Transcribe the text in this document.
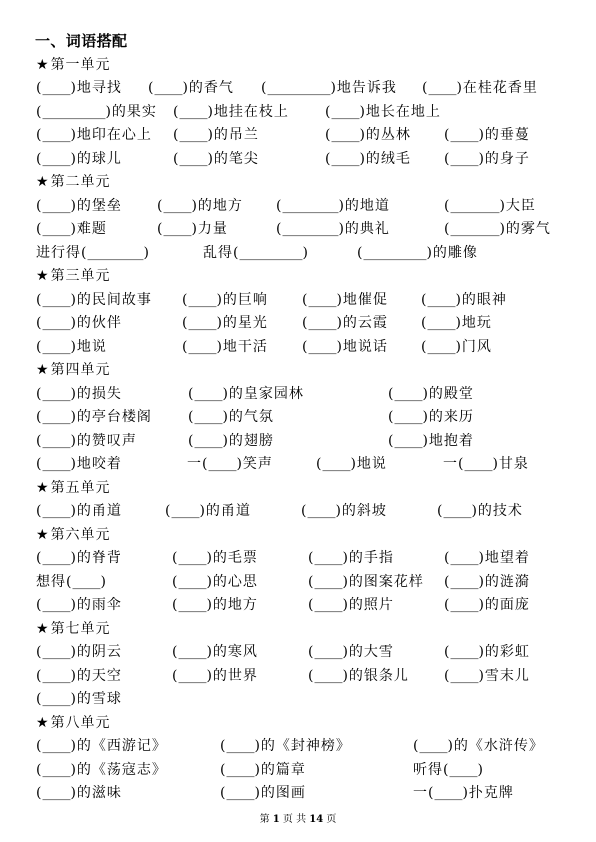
一、词语搭配
★第一单元
(____)地寻找 (____)的香气 (_________)地告诉我 (____)在桂花香里
(_________)的果实 (____)地挂在枝上	(____)地长在地上
(____)地印在心上 (____)的吊兰	(____)的丛林 (____)的垂蔓
(____)的球儿	(____)的笔尖	(____)的绒毛 (____)的身子
★第二单元
(____)的堡垒	(____)的地方 (________)的地道	(_______)大臣
(____)难题	(____)力量	(________)的典礼	(_______)的雾气
进行得(________)	乱得(_________)	(_________)的雕像
★第三单元
(____)的民间故事 (____)的巨响 (____)地催促 (____)的眼神
(____)的伙伴	(____)的星光 (____)的云霞 (____)地玩
(____)地说	(____)地干活 (____)地说话 (____)门风
★第四单元
(____)的损失	(____)的皇家园林	(____)的殿堂
(____)的亭台楼阁	(____)的气氛	(____)的来历
(____)的赞叹声	(____)的翅膀	(____)地抱着
(____)地咬着	一(____)笑声	(____)地说	一(____)甘泉
★第五单元
(____)的甬道	(____)的甬道	(____)的斜坡	(____)的技术
★第六单元
(____)的脊背	(____)的毛票	(____)的手指	(____)地望着
想得(____)	(____)的心思	(____)的图案花样 (____)的涟漪
(____)的雨伞	(____)的地方	(____)的照片	(____)的面庞
★第七单元
(____)的阴云	(____)的寒风	(____)的大雪	(____)的彩虹
(____)的天空	(____)的世界	(____)的银条儿	(____)雪末儿
(____)的雪球
★第八单元
(____)的《西游记》	(____)的《封神榜》	(____)的《水浒传》
(____)的《荡寇志》	(____)的篇章	听得(____)
(____)的滋味	(____)的图画	一(____)扑克牌
第 1 页 共 14 页
